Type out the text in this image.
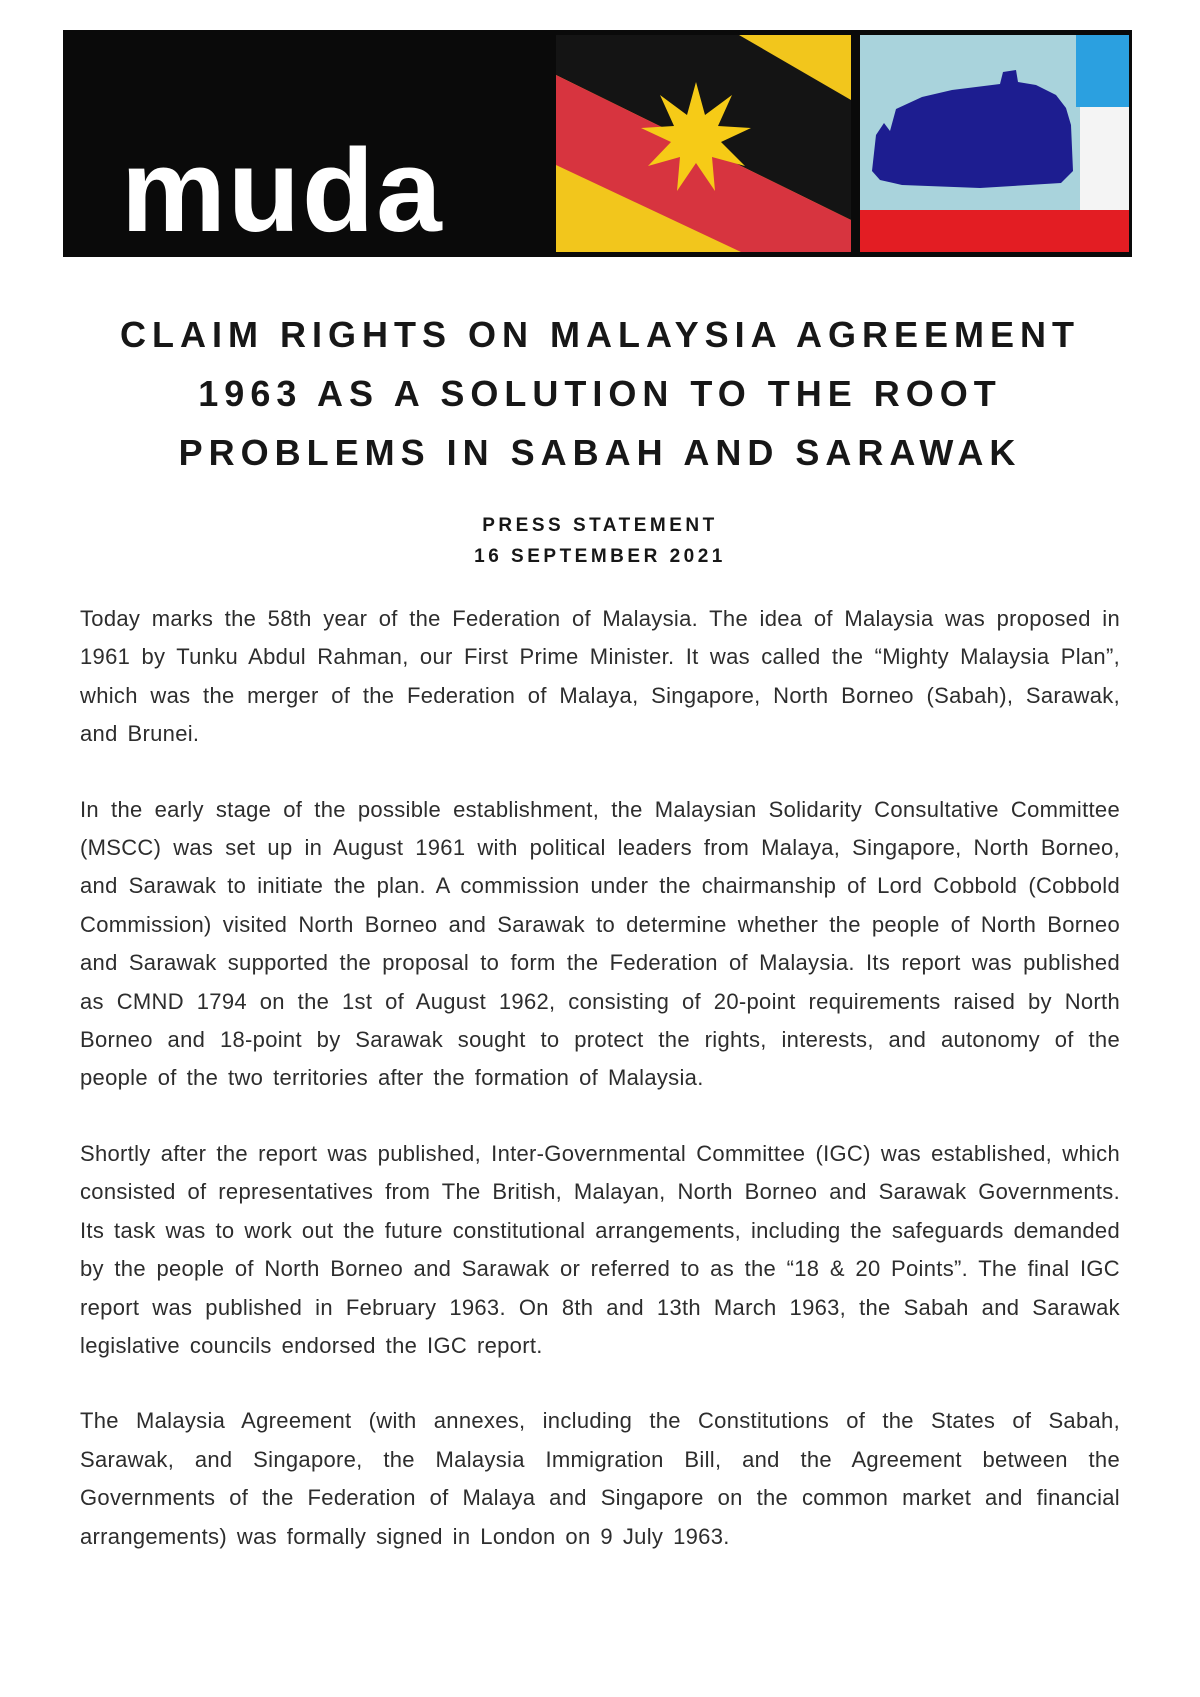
muda
CLAIM RIGHTS ON MALAYSIA AGREEMENT
1963 AS A SOLUTION TO THE ROOT
PROBLEMS IN SABAH AND SARAWAK
PRESS STATEMENT
16 SEPTEMBER 2021

Today marks the 58th year of the Federation of Malaysia. The idea of Malaysia was proposed in 1961 by Tunku Abdul Rahman, our First Prime Minister. It was called the “Mighty Malaysia Plan”, which was the merger of the Federation of Malaya, Singapore, North Borneo (Sabah), Sarawak, and Brunei.

In the early stage of the possible establishment, the Malaysian Solidarity Consultative Committee (MSCC) was set up in August 1961 with political leaders from Malaya, Singapore, North Borneo, and Sarawak to initiate the plan. A commission under the chairmanship of Lord Cobbold (Cobbold Commission) visited North Borneo and Sarawak to determine whether the people of North Borneo and Sarawak supported the proposal to form the Federation of Malaysia. Its report was published as CMND 1794 on the 1st of August 1962, consisting of 20-point requirements raised by North Borneo and 18-point by Sarawak sought to protect the rights, interests, and autonomy of the people of the two territories after the formation of Malaysia.

Shortly after the report was published, Inter-Governmental Committee (IGC) was established, which consisted of representatives from The British, Malayan, North Borneo and Sarawak Governments. Its task was to work out the future constitutional arrangements, including the safeguards demanded by the people of North Borneo and Sarawak or referred to as the “18 & 20 Points”. The final IGC report was published in February 1963. On 8th and 13th March 1963, the Sabah and Sarawak legislative councils endorsed the IGC report.

The Malaysia Agreement (with annexes, including the Constitutions of the States of Sabah, Sarawak, and Singapore, the Malaysia Immigration Bill, and the Agreement between the Governments of the Federation of Malaya and Singapore on the common market and financial arrangements) was formally signed in London on 9 July 1963.
